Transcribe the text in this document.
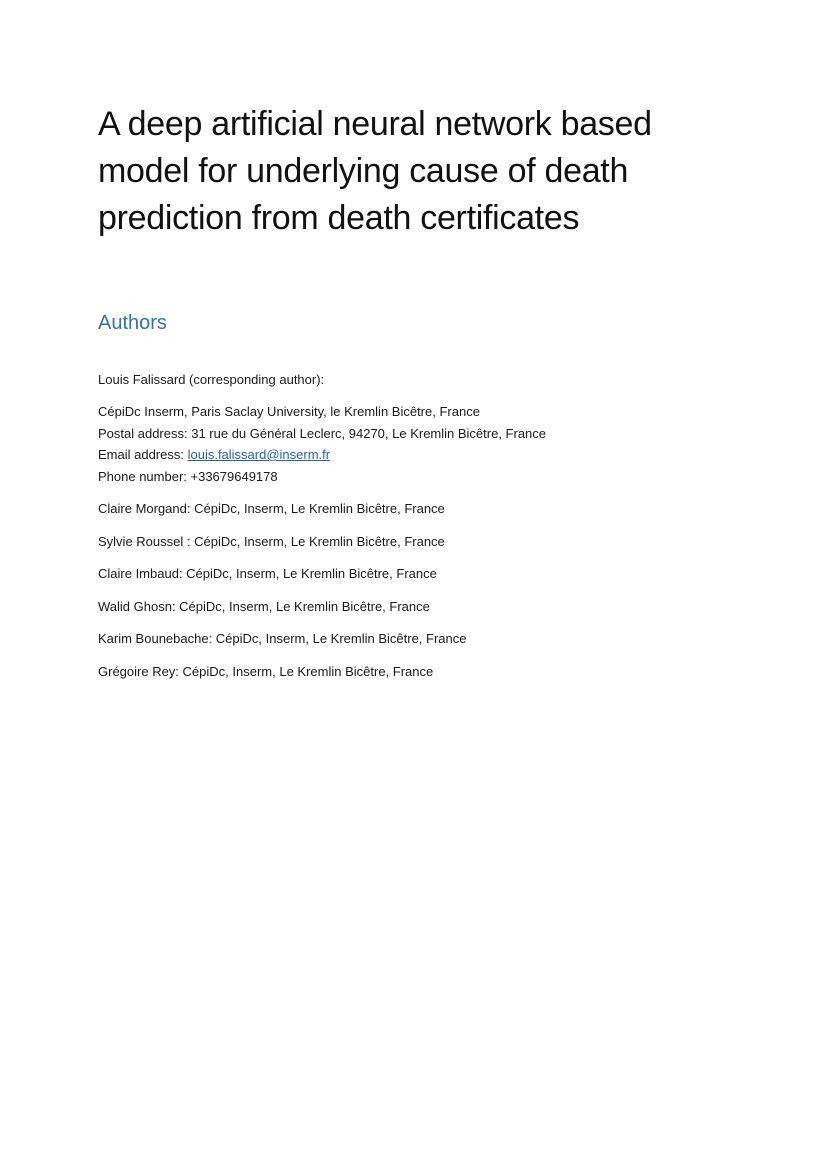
A deep artificial neural network based
model for underlying cause of death
prediction from death certificates
Authors

Louis Falissard (corresponding author):

CépiDc Inserm, Paris Saclay University, le Kremlin Bicêtre, France
Postal address: 31 rue du Général Leclerc, 94270, Le Kremlin Bicêtre, France
Email address: louis.falissard@inserm.fr
Phone number: +33679649178

Claire Morgand: CépiDc, Inserm, Le Kremlin Bicêtre, France

Sylvie Roussel : CépiDc, Inserm, Le Kremlin Bicêtre, France

Claire Imbaud: CépiDc, Inserm, Le Kremlin Bicêtre, France

Walid Ghosn: CépiDc, Inserm, Le Kremlin Bicêtre, France

Karim Bounebache: CépiDc, Inserm, Le Kremlin Bicêtre, France

Grégoire Rey: CépiDc, Inserm, Le Kremlin Bicêtre, France
